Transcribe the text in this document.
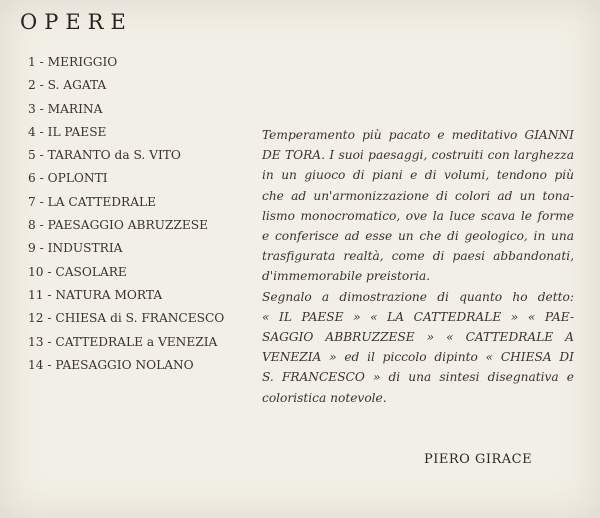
OPERE
1 - MERIGGIO
2 - S. AGATA
3 - MARINA
4 - IL PAESE
5 - TARANTO da S. VITO
6 - OPLONTI
7 - LA CATTEDRALE
8 - PAESAGGIO ABRUZZESE
9 - INDUSTRIA
10 - CASOLARE
11 - NATURA MORTA
12 - CHIESA di S. FRANCESCO
13 - CATTEDRALE a VENEZIA
14 - PAESAGGIO NOLANO
Temperamento più pacato e meditativo GIANNI
DE TORA. I suoi paesaggi, costruiti con larghezza
in un giuoco di piani e di volumi, tendono più
che ad un'armonizzazione di colori ad un tona-
lismo monocromatico, ove la luce scava le forme
e conferisce ad esse un che di geologico, in una
trasfigurata realtà, come di paesi abbandonati,
d'immemorabile preistoria.
Segnalo a dimostrazione di quanto ho detto:
« IL PAESE » « LA CATTEDRALE » « PAE-
SAGGIO ABBRUZZESE » « CATTEDRALE A
VENEZIA » ed il piccolo dipinto « CHIESA DI
S. FRANCESCO » di una sintesi disegnativa e
coloristica notevole.
PIERO GIRACE
